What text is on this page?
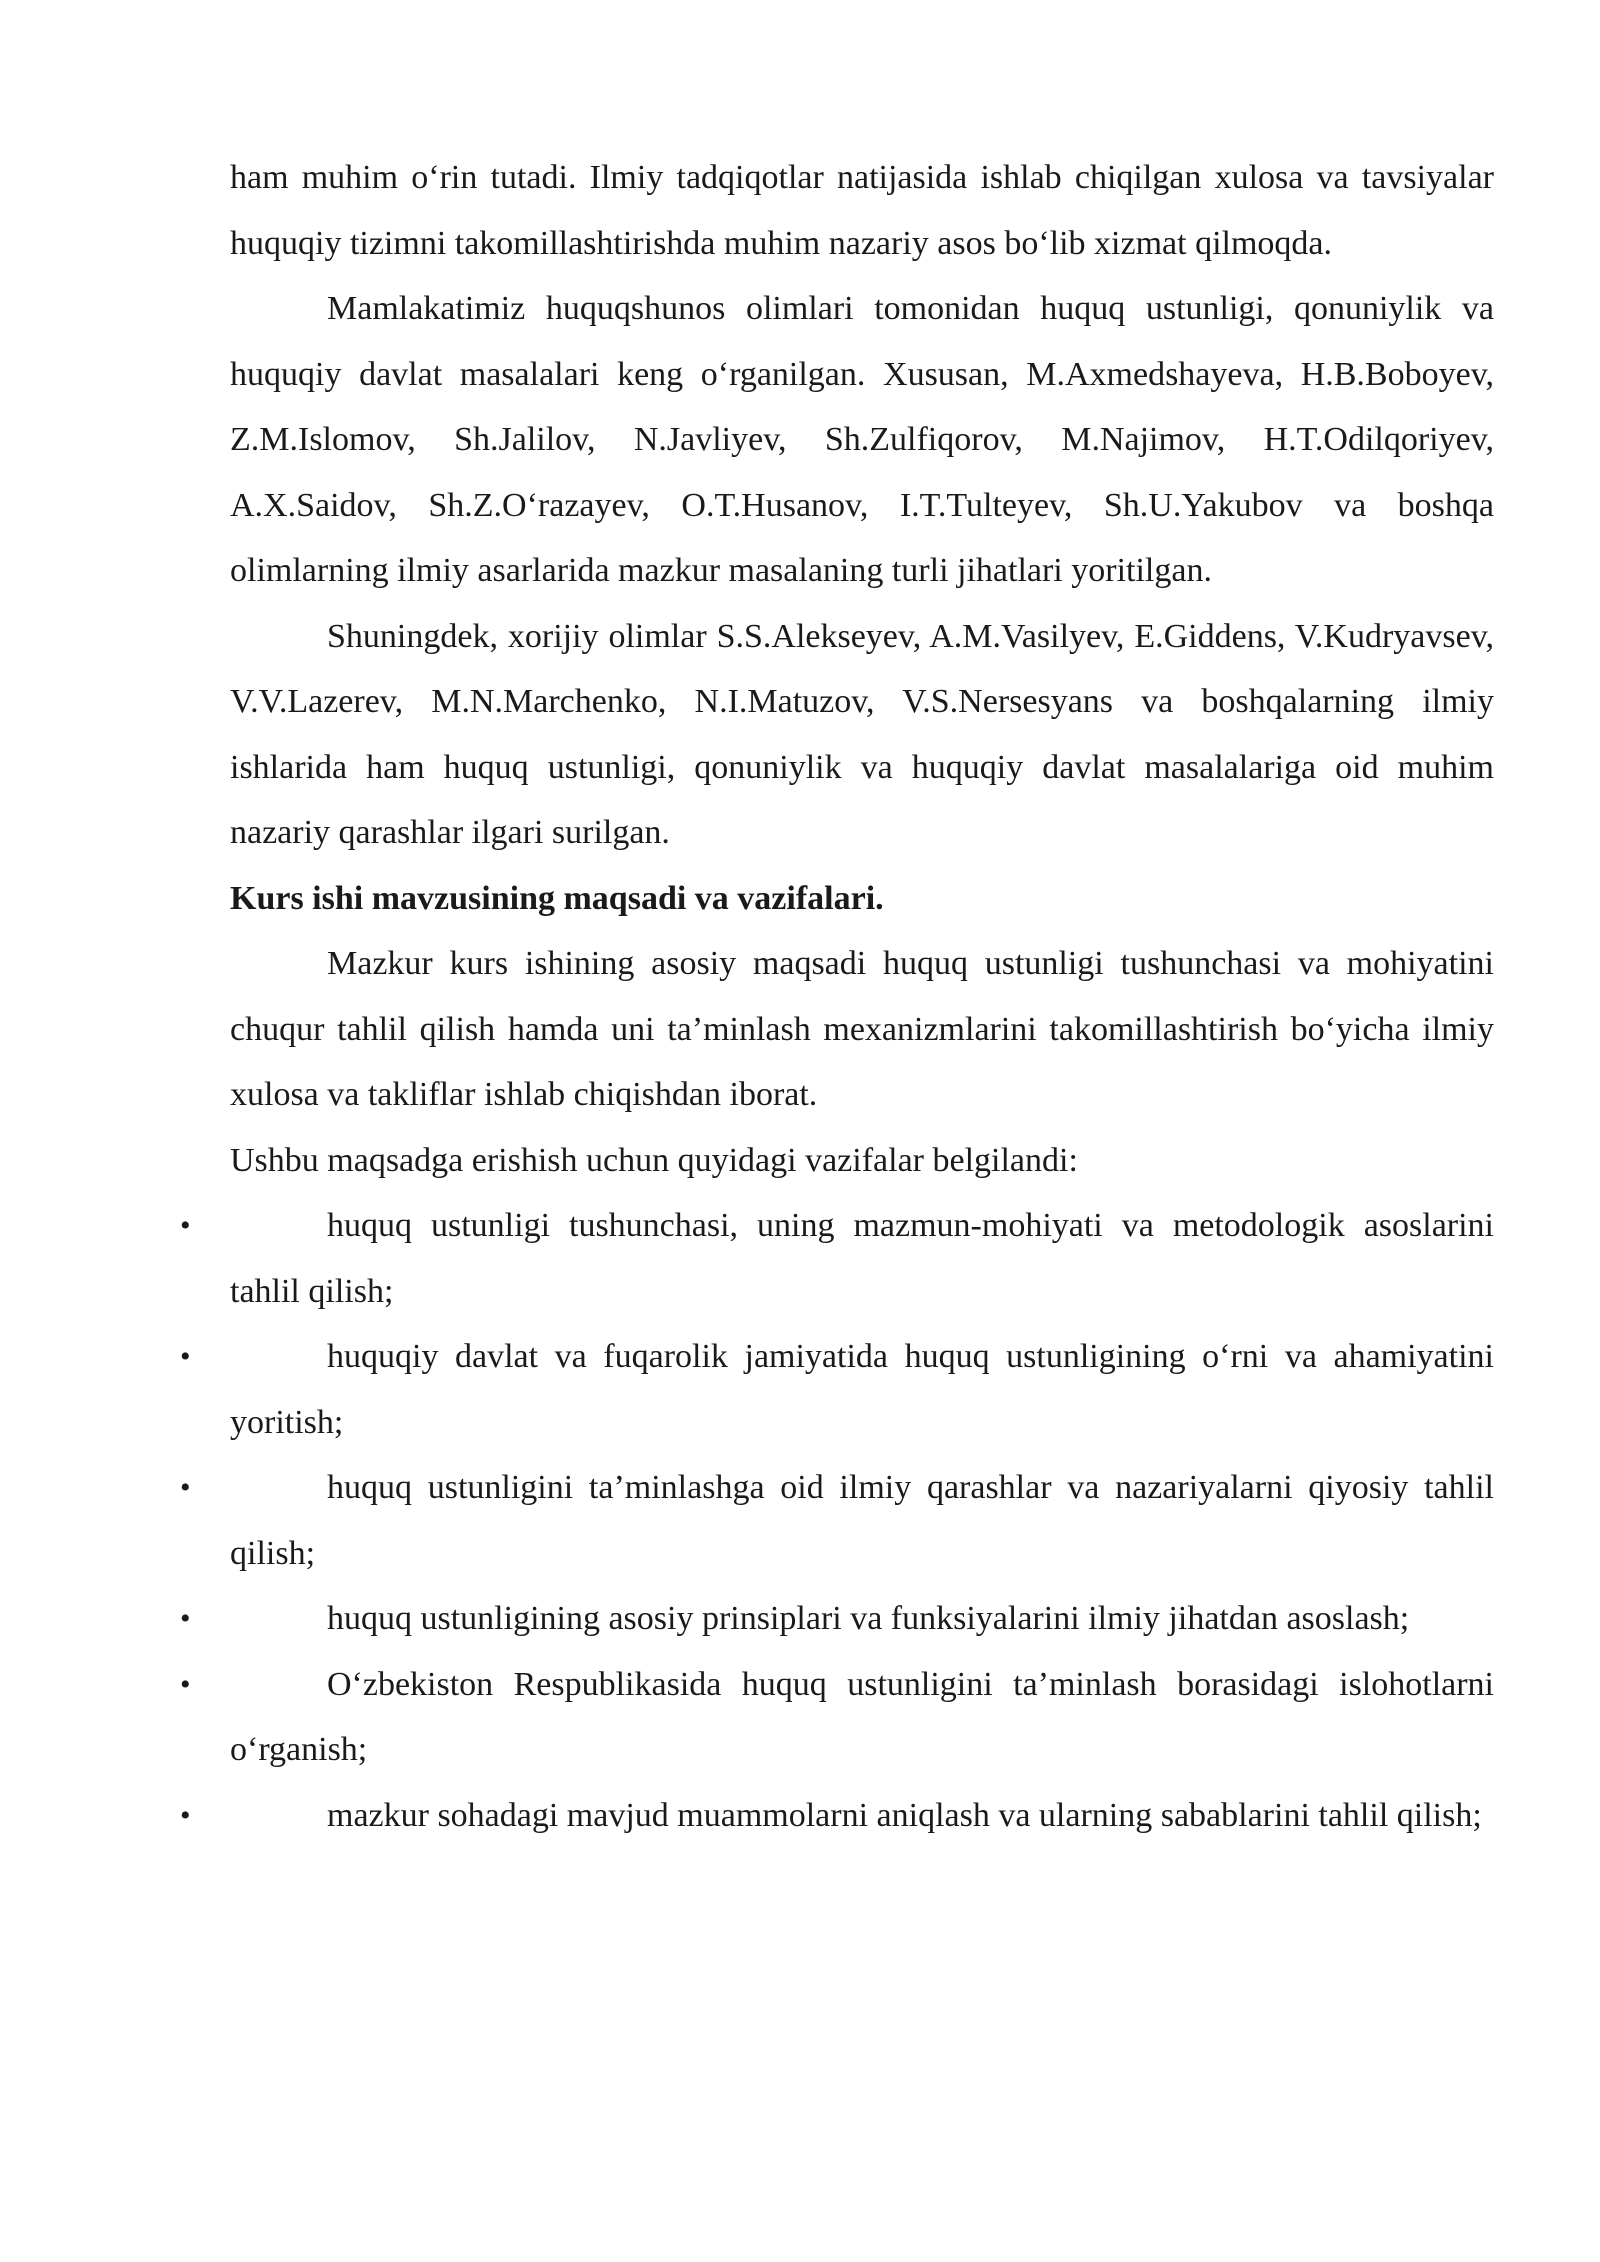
ham muhim o‘rin tutadi. Ilmiy tadqiqotlar natijasida ishlab chiqilgan xulosa va tavsiyalar huquqiy tizimni takomillashtirishda muhim nazariy asos bo‘lib xizmat qilmoqda.

Mamlakatimiz huquqshunos olimlari tomonidan huquq ustunligi, qonuniylik va huquqiy davlat masalalari keng o‘rganilgan. Xususan, M.Axmedshayeva, H.B.Boboyev, Z.M.Islomov, Sh.Jalilov, N.Javliyev, Sh.Zulfiqorov, M.Najimov, H.T.Odilqoriyev, A.X.Saidov, Sh.Z.O‘razayev, O.T.Husanov, I.T.Tulteyev, Sh.U.Yakubov va boshqa olimlarning ilmiy asarlarida mazkur masalaning turli jihatlari yoritilgan.

Shuningdek, xorijiy olimlar S.S.Alekseyev, A.M.Vasilyev, E.Giddens, V.Kudryavsev, V.V.Lazerev, M.N.Marchenko, N.I.Matuzov, V.S.Nersesyans va boshqalarning ilmiy ishlarida ham huquq ustunligi, qonuniylik va huquqiy davlat masalalariga oid muhim nazariy qarashlar ilgari surilgan.

Kurs ishi mavzusining maqsadi va vazifalari.

Mazkur kurs ishining asosiy maqsadi huquq ustunligi tushunchasi va mohiyatini chuqur tahlil qilish hamda uni ta’minlash mexanizmlarini takomillashtirish bo‘yicha ilmiy xulosa va takliflar ishlab chiqishdan iborat.

Ushbu maqsadga erishish uchun quyidagi vazifalar belgilandi:

•	huquq ustunligi tushunchasi, uning mazmun-mohiyati va metodologik asoslarini tahlil qilish;
•	huquqiy davlat va fuqarolik jamiyatida huquq ustunligining o‘rni va ahamiyatini yoritish;
•	huquq ustunligini ta’minlashga oid ilmiy qarashlar va nazariyalarni qiyosiy tahlil qilish;
•	huquq ustunligining asosiy prinsiplari va funksiyalarini ilmiy jihatdan asoslash;
•	O‘zbekiston Respublikasida huquq ustunligini ta’minlash borasidagi islohotlarni o‘rganish;
•	mazkur sohadagi mavjud muammolarni aniqlash va ularning sabablarini tahlil qilish;
